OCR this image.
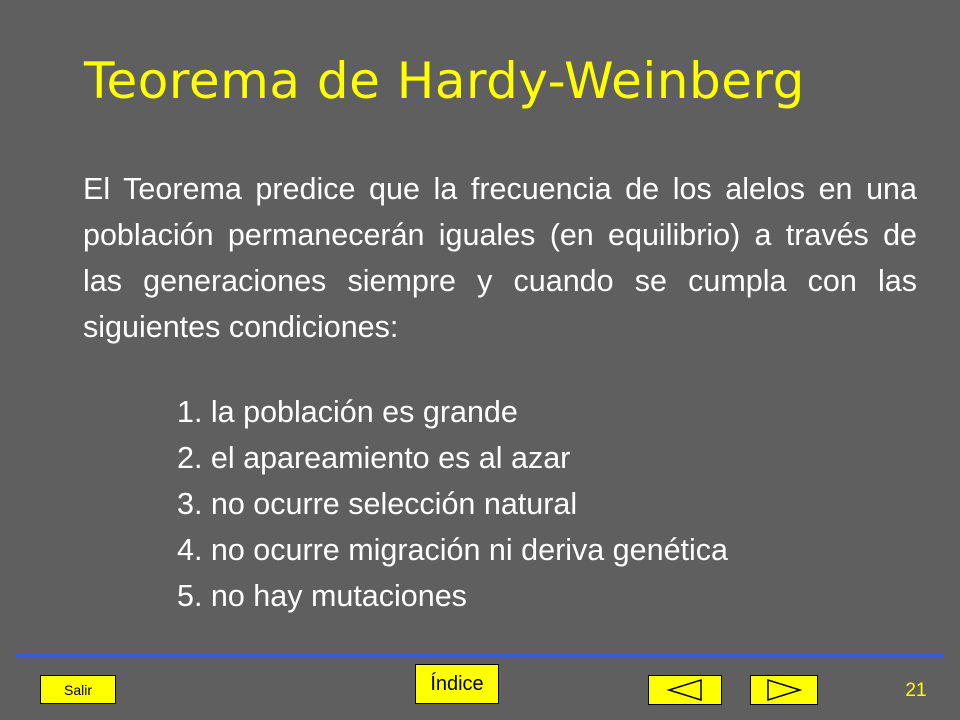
Teorema de Hardy-Weinberg
El Teorema predice que la frecuencia de los alelos en una población permanecerán iguales (en equilibrio) a través de las generaciones siempre y cuando se cumpla con las siguientes condiciones:
1. la población es grande
2. el apareamiento es al azar
3. no ocurre selección natural
4. no ocurre migración ni deriva genética
5. no hay mutaciones
Salir	Índice	21
